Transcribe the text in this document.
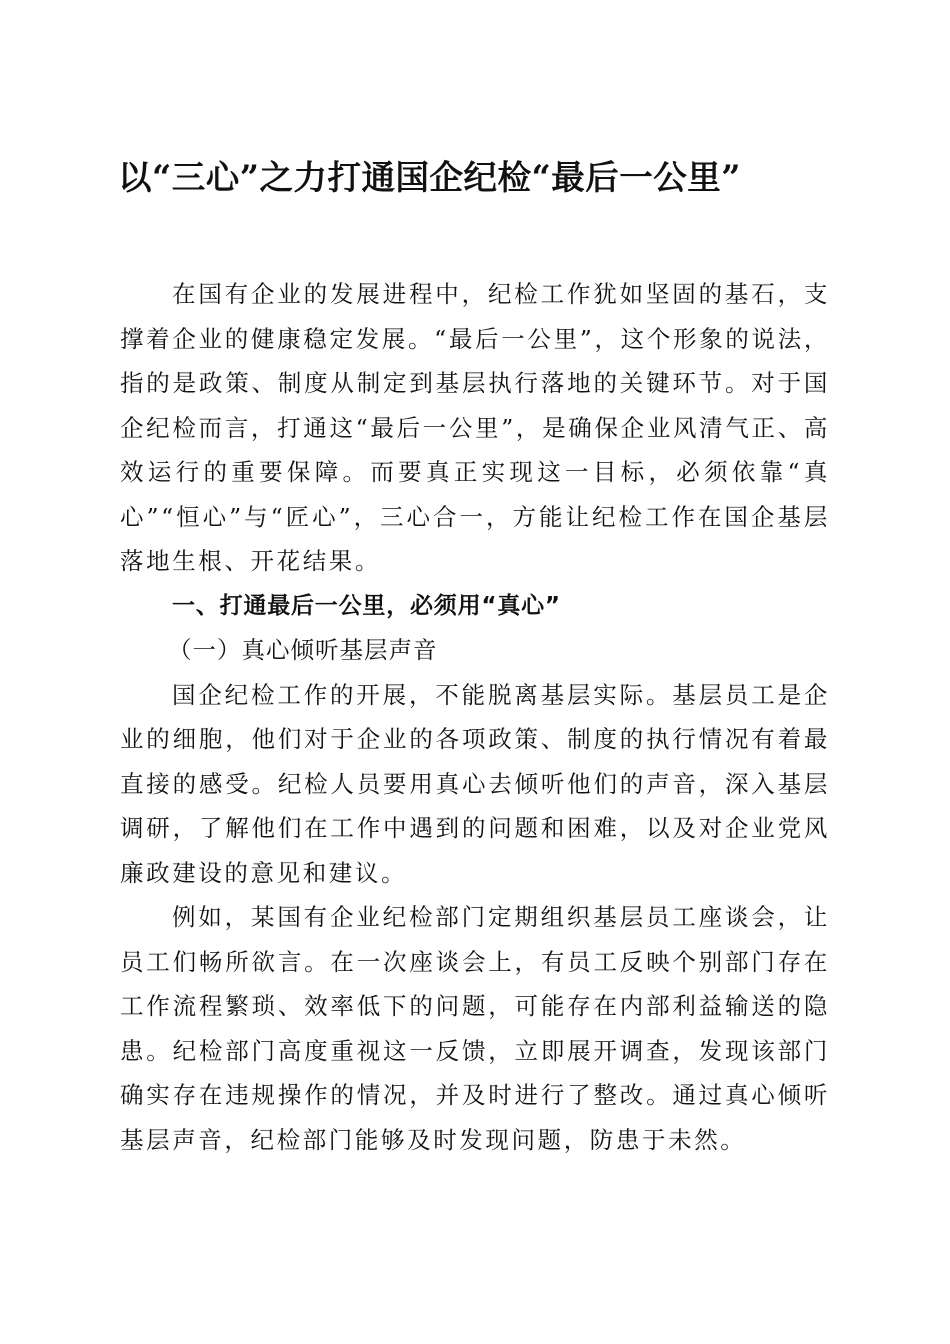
以“三心”之力打通国企纪检“最后一公里”

在国有企业的发展进程中，纪检工作犹如坚固的基石，支撑着企业的健康稳定发展。“最后一公里”，这个形象的说法，指的是政策、制度从制定到基层执行落地的关键环节。对于国企纪检而言，打通这“最后一公里”，是确保企业风清气正、高效运行的重要保障。而要真正实现这一目标，必须依靠“真心”“恒心”与“匠心”，三心合一，方能让纪检工作在国企基层落地生根、开花结果。

一、打通最后一公里，必须用“真心”

（一）真心倾听基层声音

国企纪检工作的开展，不能脱离基层实际。基层员工是企业的细胞，他们对于企业的各项政策、制度的执行情况有着最直接的感受。纪检人员要用真心去倾听他们的声音，深入基层调研，了解他们在工作中遇到的问题和困难，以及对企业党风廉政建设的意见和建议。

例如，某国有企业纪检部门定期组织基层员工座谈会，让员工们畅所欲言。在一次座谈会上，有员工反映个别部门存在工作流程繁琐、效率低下的问题，可能存在内部利益输送的隐患。纪检部门高度重视这一反馈，立即展开调查，发现该部门确实存在违规操作的情况，并及时进行了整改。通过真心倾听基层声音，纪检部门能够及时发现问题，防患于未然。
